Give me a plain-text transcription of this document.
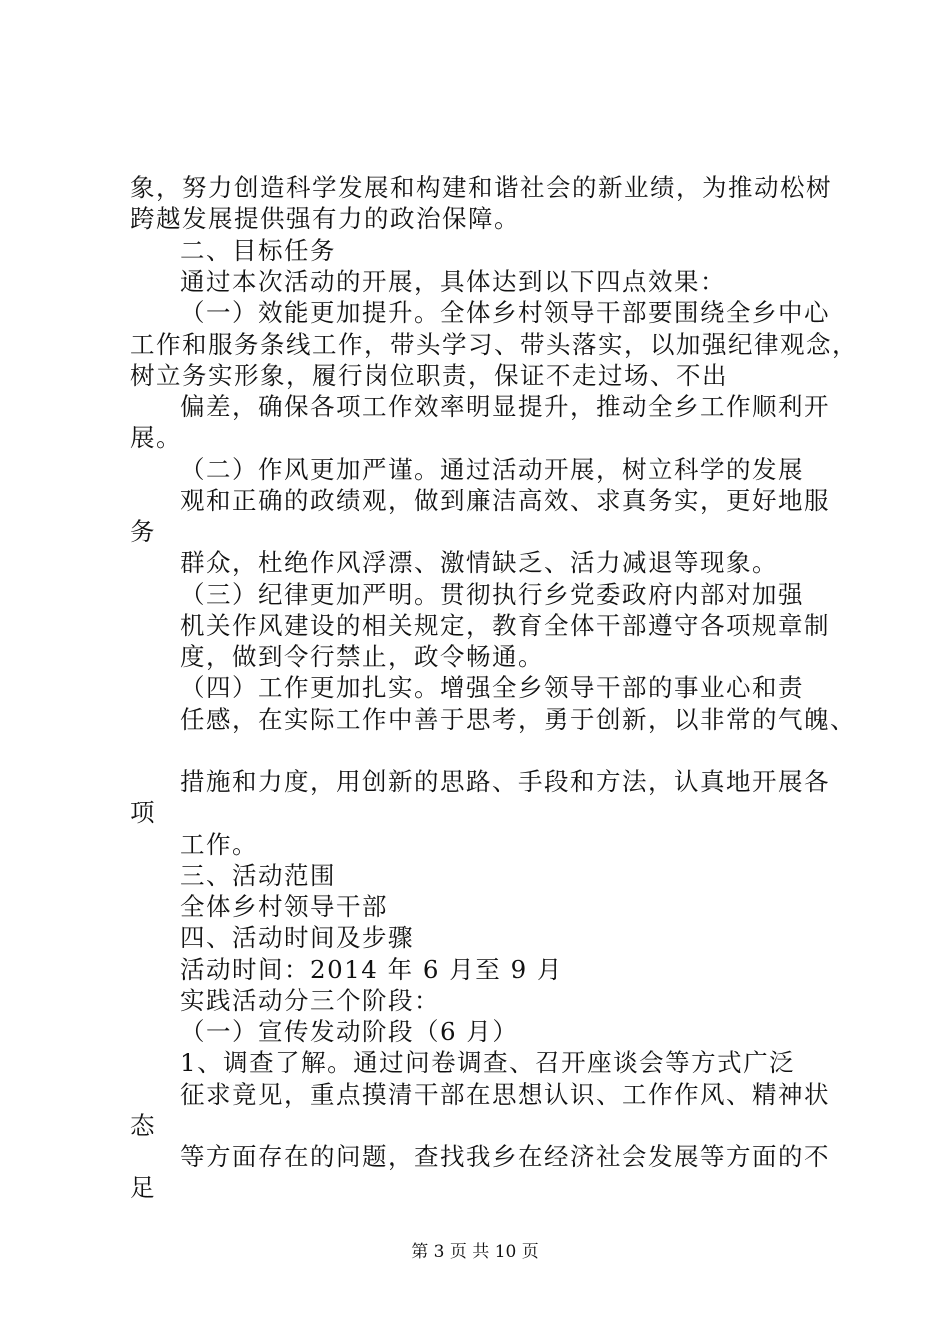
象，努力创造科学发展和构建和谐社会的新业绩，为推动松树
跨越发展提供强有力的政治保障。
二、目标任务
通过本次活动的开展，具体达到以下四点效果：
（一）效能更加提升。全体乡村领导干部要围绕全乡中心
工作和服务条线工作，带头学习、带头落实，以加强纪律观念，
树立务实形象，履行岗位职责，保证不走过场、不出
偏差，确保各项工作效率明显提升，推动全乡工作顺利开
展。
（二）作风更加严谨。通过活动开展，树立科学的发展
观和正确的政绩观，做到廉洁高效、求真务实，更好地服
务
群众，杜绝作风浮漂、激情缺乏、活力减退等现象。
（三）纪律更加严明。贯彻执行乡党委政府内部对加强
机关作风建设的相关规定，教育全体干部遵守各项规章制
度，做到令行禁止，政令畅通。
（四）工作更加扎实。增强全乡领导干部的事业心和责
任感，在实际工作中善于思考，勇于创新，以非常的气魄、
措施和力度，用创新的思路、手段和方法，认真地开展各
项
工作。
三、活动范围
全体乡村领导干部
四、活动时间及步骤
活动时间：2014 年 6 月至 9 月
实践活动分三个阶段：
（一）宣传发动阶段（6 月）
1、调查了解。通过问卷调查、召开座谈会等方式广泛
征求竟见，重点摸清干部在思想认识、工作作风、精神状
态
等方面存在的问题，查找我乡在经济社会发展等方面的不
足
第 3 页 共 10 页
